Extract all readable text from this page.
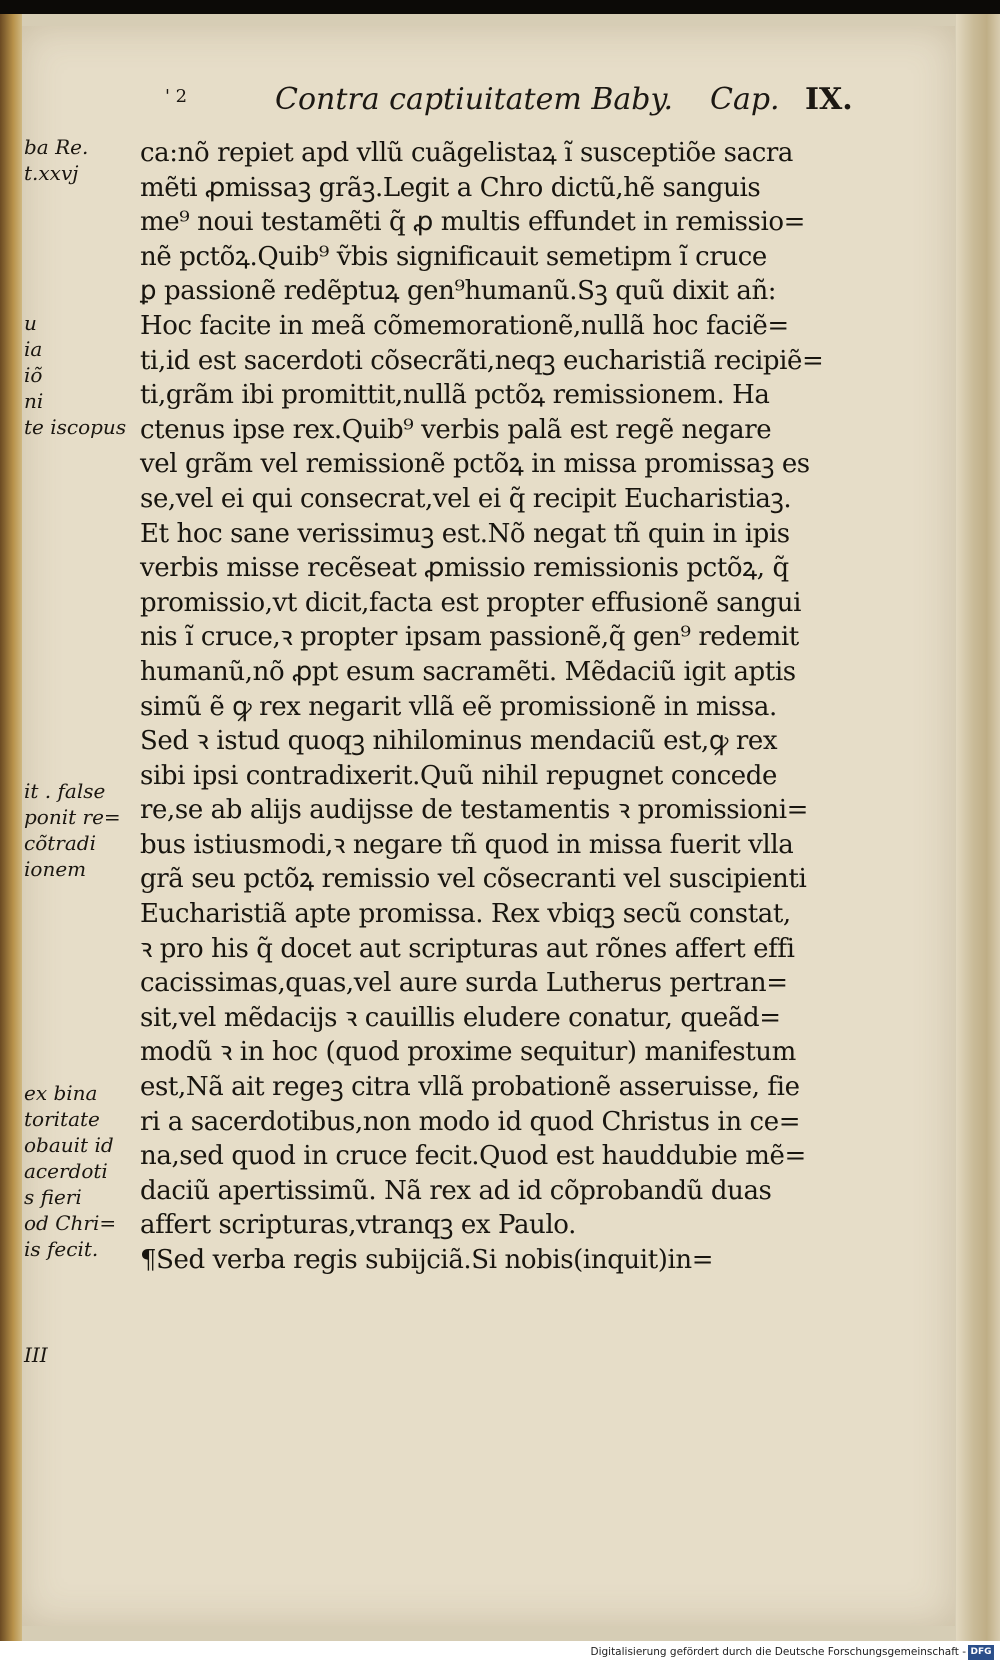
' 2	Contra captiuitatem Baby. Cap. IX.
ca:nõ repiet apd vllũ cuãgelistaꝝ ĩ susceptiõe sacra
mẽti ꝓmissaꝫ grãꝫ.Legit a Chro dictũ,hẽ sanguis
me⁹ noui testamẽti q̃ ꝓ multis effundet in remissio=
nẽ pctõꝝ.Quib⁹ ṽbis significauit semetipm ĩ cruce
ꝑ passionẽ redẽptuꝝ gen⁹humanũ.Sꝫ quũ dixit añ:
Hoc facite in meã cõmemorationẽ,nullã hoc faciẽ=
ti,id est sacerdoti cõsecrãti,neqꝫ eucharistiã recipiẽ=
ti,grãm ibi promittit,nullã pctõꝝ remissionem. Ha
ctenus ipse rex.Quib⁹ verbis palã est regẽ negare
vel grãm vel remissionẽ pctõꝝ in missa promissaꝫ es
se,vel ei qui consecrat,vel ei q̃ recipit Eucharistiaꝫ.
Et hoc sane verissimuꝫ est.Nõ negat tñ quin in ipis
verbis misse recẽseat ꝓmissio remissionis pctõꝝ, q̃
promissio,vt dicit,facta est propter effusionẽ sangui
nis ĩ cruce,ꝛ propter ipsam passionẽ,q̃ gen⁹ redemit
humanũ,nõ ꝓpt esum sacramẽti. Mẽdaciũ igit aptis
simũ ẽ ꝙ rex negarit vllã eẽ promissionẽ in missa.
Sed ꝛ istud quoqꝫ nihilominus mendaciũ est,ꝙ rex
sibi ipsi contradixerit.Quũ nihil repugnet concede
re,se ab alijs audijsse de testamentis ꝛ promissioni=
bus istiusmodi,ꝛ negare tñ quod in missa fuerit vlla
grã seu pctõꝝ remissio vel cõsecranti vel suscipienti
Eucharistiã apte promissa. Rex vbiqꝫ secũ constat,
ꝛ pro his q̃ docet aut scripturas aut rõnes affert effi
cacissimas,quas,vel aure surda Lutherus pertran=
sit,vel mẽdacijs ꝛ cauillis eludere conatur, queãd=
modũ ꝛ in hoc (quod proxime sequitur) manifestum
est,Nã ait regeꝫ citra vllã probationẽ asseruisse, fie
ri a sacerdotibus,non modo id quod Christus in ce=
na,sed quod in cruce fecit.Quod est hauddubie mẽ=
daciũ apertissimũ. Nã rex ad id cõprobandũ duas
affert scripturas,vtranqꝫ ex Paulo.
¶Sed verba regis subijciã.Si nobis(inquit)in=
ba Re.
t.xxvj
u
ia
iõ
ni
te iscopus
it . false
ponit re=
cõtradi
ionem
ex bina
toritate
obauit id
acerdoti
s fieri
od Chri=
is fecit.
III
Digitalisierung gefördert durch die Deutsche Forschungsgemeinschaft - DFG
